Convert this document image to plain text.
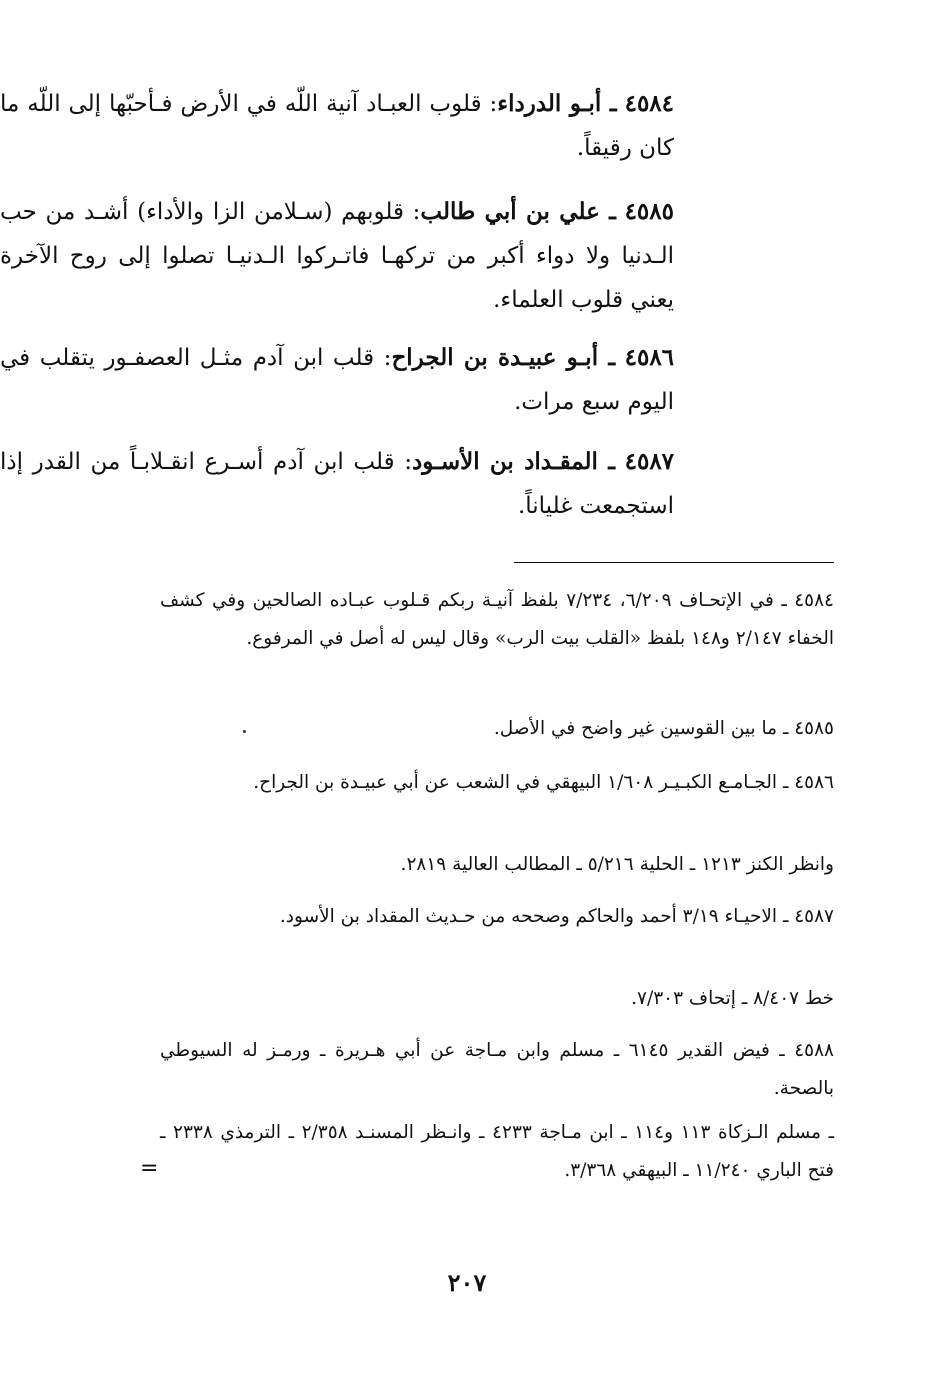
٤٥٨٤ ـ أبـو الدرداء: قلوب العبـاد آنية اللّه في الأرض فـأحبّها إلى اللّه ما كان رقيقاً.

٤٥٨٥ ـ علي بن أبي طالب: قلوبهم (سـلامن الزا والأداء) أشـد من حب الـدنيا ولا دواء أكبر من تركهـا فاتـركوا الـدنيـا تصلوا إلى روح الآخرة يعني قلوب العلماء.

٤٥٨٦ ـ أبـو عبيـدة بن الجراح: قلب ابن آدم مثـل العصفـور يتقلب في اليوم سبع مرات.

٤٥٨٧ ـ المقـداد بن الأسـود: قلب ابن آدم أسـرع انقـلابـاً من القدر إذا استجمعت غلياناً.

٤٥٨٤ ـ في الإتحـاف ٦/٢٠٩، ٧/٢٣٤ بلفظ آنيـة ربكم قـلوب عبـاده الصالحين وفي كشف الخفاء ٢/١٤٧ و١٤٨ بلفظ «القلب بيت الرب» وقال ليس له أصل في المرفوع.

٤٥٨٥ ـ ما بين القوسين غير واضح في الأصل.

٤٥٨٦ ـ الجـامـع الكبـيـر ١/٦٠٨ البيهقي في الشعب عن أبي عبيـدة بن الجراح.

وانظر الكنز ١٢١٣ ـ الحلية ٥/٢١٦ ـ المطالب العالية ٢٨١٩.

٤٥٨٧ ـ الاحيـاء ٣/١٩ أحمد والحاكم وصححه من حـديث المقداد بن الأسود.

خط ٨/٤٠٧ ـ إتحاف ٧/٣٠٣.

٤٥٨٨ ـ فيض القدير ٦١٤٥ ـ مسلم وابن مـاجة عن أبي هـريرة ـ ورمـز له السيوطي بالصحة.

ـ مسلم الـزكاة ١١٣ و١١٤ ـ ابن مـاجة ٤٢٣٣ ـ وانـظر المسنـد ٢/٣٥٨ ـ الترمذي ٢٣٣٨ ـ فتح الباري ١١/٢٤٠ ـ البيهقي ٣/٣٦٨.

=
٢٠٧
